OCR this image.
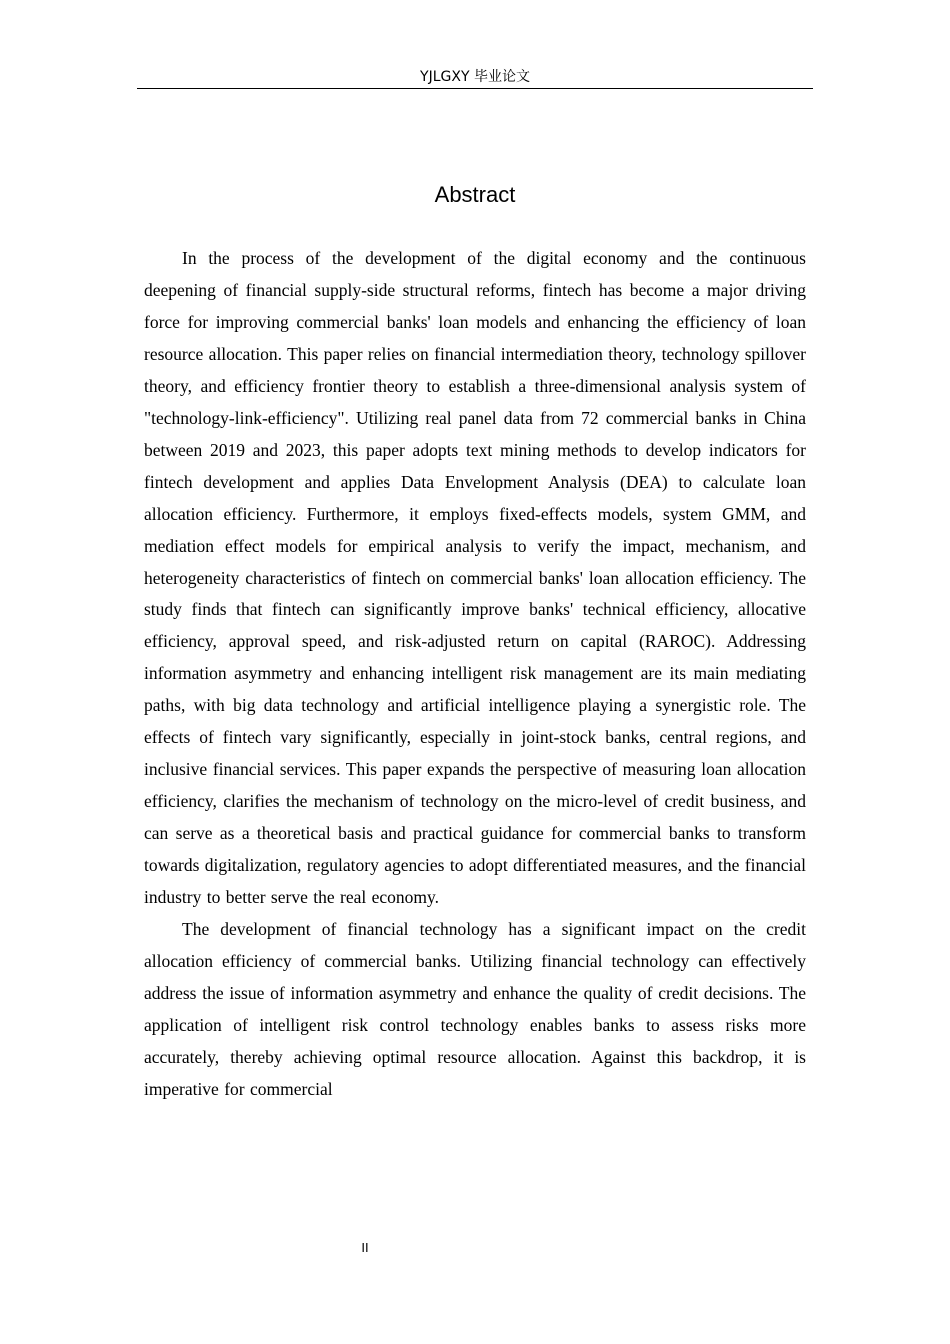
YJLGXY 毕业论文
Abstract

In the process of the development of the digital economy and the continuous deepening of financial supply-side structural reforms, fintech has become a major driving force for improving commercial banks' loan models and enhancing the efficiency of loan resource allocation. This paper relies on financial intermediation theory, technology spillover theory, and efficiency frontier theory to establish a three-dimensional analysis system of "technology-link-efficiency". Utilizing real panel data from 72 commercial banks in China between 2019 and 2023, this paper adopts text mining methods to develop indicators for fintech development and applies Data Envelopment Analysis (DEA) to calculate loan allocation efficiency. Furthermore, it employs fixed-effects models, system GMM, and mediation effect models for empirical analysis to verify the impact, mechanism, and heterogeneity characteristics of fintech on commercial banks' loan allocation efficiency. The study finds that fintech can significantly improve banks' technical efficiency, allocative efficiency, approval speed, and risk-adjusted return on capital (RAROC). Addressing information asymmetry and enhancing intelligent risk management are its main mediating paths, with big data technology and artificial intelligence playing a synergistic role. The effects of fintech vary significantly, especially in joint-stock banks, central regions, and inclusive financial services. This paper expands the perspective of measuring loan allocation efficiency, clarifies the mechanism of technology on the micro-level of credit business, and can serve as a theoretical basis and practical guidance for commercial banks to transform towards digitalization, regulatory agencies to adopt differentiated measures, and the financial industry to better serve the real economy.

The development of financial technology has a significant impact on the credit allocation efficiency of commercial banks. Utilizing financial technology can effectively address the issue of information asymmetry and enhance the quality of credit decisions. The application of intelligent risk control technology enables banks to assess risks more accurately, thereby achieving optimal resource allocation. Against this backdrop, it is imperative for commercial

II
